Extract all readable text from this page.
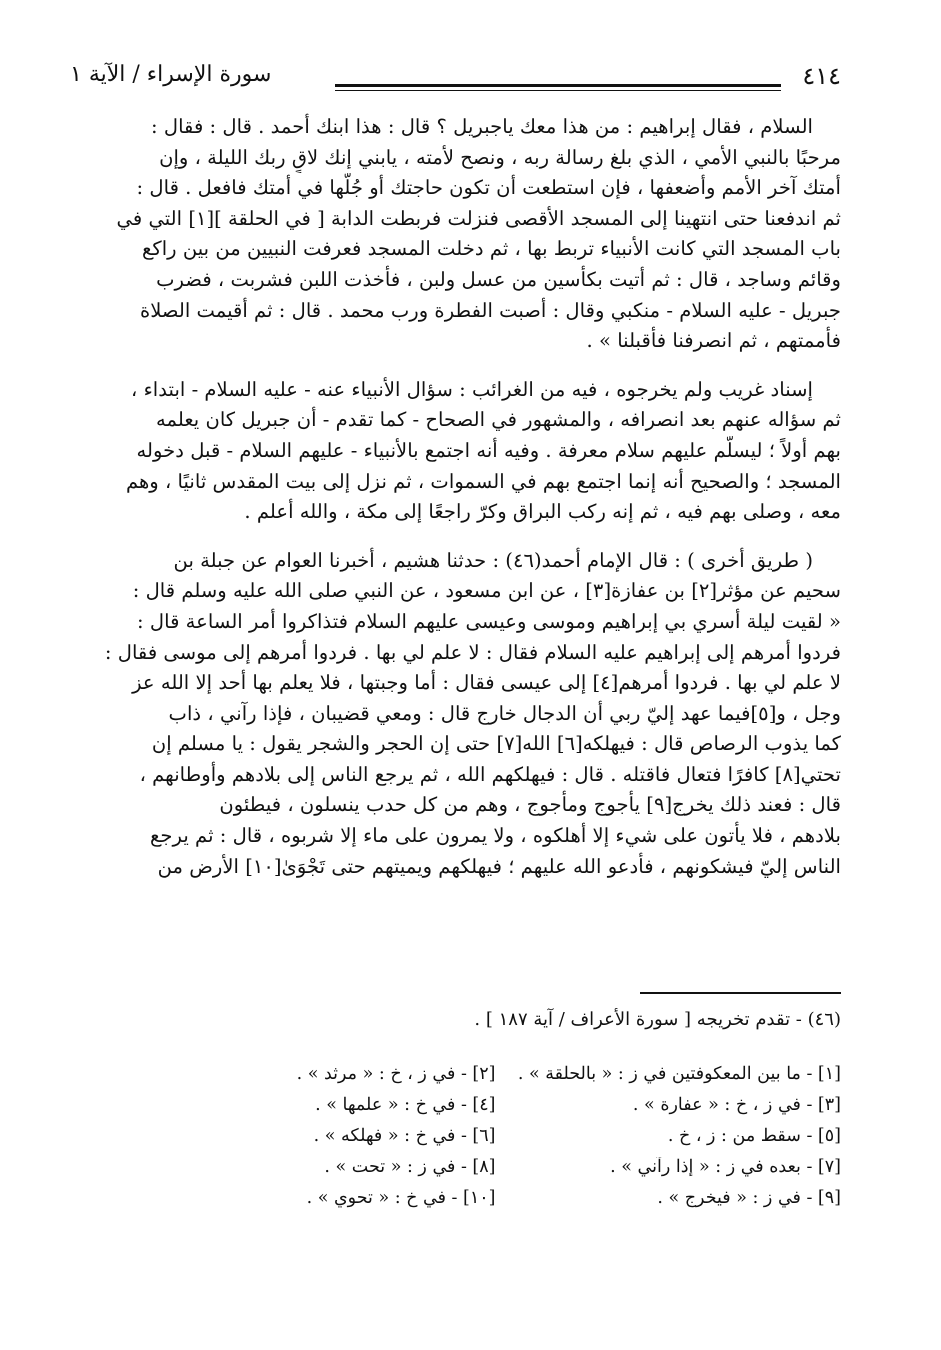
٤١٤
سورة الإسراء / الآية ١
السلام ، فقال إبراهيم : من هذا معك ياجبريل ؟ قال : هذا ابنك أحمد . قال : فقال :
مرحبًا بالنبي الأمي ، الذي بلغ رسالة ربه ، ونصح لأمته ، يابني إنك لاقٍ ربك الليلة ، وإن
أمتك آخر الأمم وأضعفها ، فإن استطعت أن تكون حاجتك أو جُلّها في أمتك فافعل . قال :
ثم اندفعنا حتى انتهينا إلى المسجد الأقصى فنزلت فربطت الدابة [ في الحلقة ][١] التي في
باب المسجد التي كانت الأنبياء تربط بها ، ثم دخلت المسجد فعرفت النبيين من بين راكع
وقائم وساجد ، قال : ثم أتيت بكأسين من عسل ولبن ، فأخذت اللبن فشربت ، فضرب
جبريل - عليه السلام - منكبي وقال : أصبت الفطرة ورب محمد . قال : ثم أقيمت الصلاة
فأممتهم ، ثم انصرفنا فأقبلنا » .
إسناد غريب ولم يخرجوه ، فيه من الغرائب : سؤال الأنبياء عنه - عليه السلام - ابتداء ،
ثم سؤاله عنهم بعد انصرافه ، والمشهور في الصحاح - كما تقدم - أن جبريل كان يعلمه
بهم أولاً ؛ ليسلّم عليهم سلام معرفة . وفيه أنه اجتمع بالأنبياء - عليهم السلام - قبل دخوله
المسجد ؛ والصحيح أنه إنما اجتمع بهم في السموات ، ثم نزل إلى بيت المقدس ثانيًا ، وهم
معه ، وصلى بهم فيه ، ثم إنه ركب البراق وكرّ راجعًا إلى مكة ، والله أعلم .
( طريق أخرى ) : قال الإمام أحمد(٤٦) : حدثنا هشيم ، أخبرنا العوام عن جبلة بن
سحيم عن مؤثر[٢] بن عفازة[٣] ، عن ابن مسعود ، عن النبي صلى الله عليه وسلم قال :
« لقيت ليلة أسري بي إبراهيم وموسى وعيسى عليهم السلام فتذاكروا أمر الساعة قال :
فردوا أمرهم إلى إبراهيم عليه السلام فقال : لا علم لي بها . فردوا أمرهم إلى موسى فقال :
لا علم لي بها . فردوا أمرهم[٤] إلى عيسى فقال : أما وجبتها ، فلا يعلم بها أحد إلا الله عز
وجل ، و[٥]فيما عهد إليّ ربي أن الدجال خارج قال : ومعي قضيبان ، فإذا رآني ، ذاب
كما يذوب الرصاص قال : فيهلكه[٦] الله[٧] حتى إن الحجر والشجر يقول : يا مسلم إن
تحتي[٨] كافرًا فتعال فاقتله . قال : فيهلكهم الله ، ثم يرجع الناس إلى بلادهم وأوطانهم ،
قال : فعند ذلك يخرج[٩] يأجوج ومأجوج ، وهم من كل حدب ينسلون ، فيطئون
بلادهم ، فلا يأتون على شيء إلا أهلكوه ، ولا يمرون على ماء إلا شربوه ، قال : ثم يرجع
الناس إليّ فيشكونهم ، فأدعو الله عليهم ؛ فيهلكهم ويميتهم حتى تَجْوَىٰ[١٠] الأرض من
(٤٦) - تقدم تخريجه [ سورة الأعراف / آية ١٨٧ ] .
[١] - ما بين المعكوفتين في ز : « بالحلقة » .
[٢] - في ز ، خ : « مرثد » .
[٣] - في ز ، خ : « عفارة » .
[٤] - في خ : « علمها » .
[٥] - سقط من : ز ، خ .
[٦] - في خ : « فهلكه » .
[٧] - بعده في ز : « إذا رآني » .
[٨] - في ز : « تحت » .
[٩] - في ز : « فيخرج » .
[١٠] - في خ : « تحوي » .
